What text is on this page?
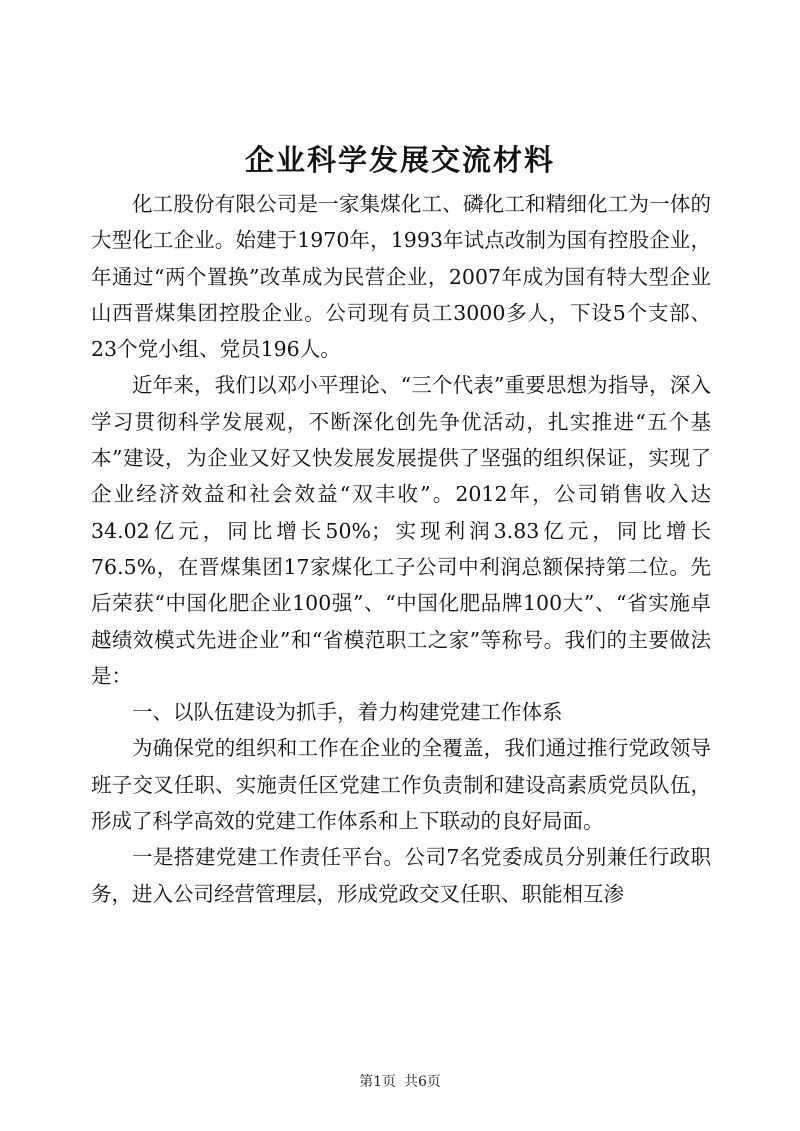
企业科学发展交流材料

化工股份有限公司是一家集煤化工、磷化工和精细化工为一体的大型化工企业。始建于1970年，1993年试点改制为国有控股企业，年通过“两个置换”改革成为民营企业，2007年成为国有特大型企业山西晋煤集团控股企业。公司现有员工3000多人，下设5个支部、23个党小组、党员196人。

近年来，我们以邓小平理论、“三个代表”重要思想为指导，深入学习贯彻科学发展观，不断深化创先争优活动，扎实推进“五个基本”建设，为企业又好又快发展发展提供了坚强的组织保证，实现了企业经济效益和社会效益“双丰收”。2012年，公司销售收入达34.02亿元，同比增长50%；实现利润3.83亿元，同比增长76.5%，在晋煤集团17家煤化工子公司中利润总额保持第二位。先后荣获“中国化肥企业100强”、“中国化肥品牌100大”、“省实施卓越绩效模式先进企业”和“省模范职工之家”等称号。我们的主要做法是：

一、以队伍建设为抓手，着力构建党建工作体系

为确保党的组织和工作在企业的全覆盖，我们通过推行党政领导班子交叉任职、实施责任区党建工作负责制和建设高素质党员队伍，形成了科学高效的党建工作体系和上下联动的良好局面。

一是搭建党建工作责任平台。公司7名党委成员分别兼任行政职务，进入公司经营管理层，形成党政交叉任职、职能相互渗

第1页 共6页
